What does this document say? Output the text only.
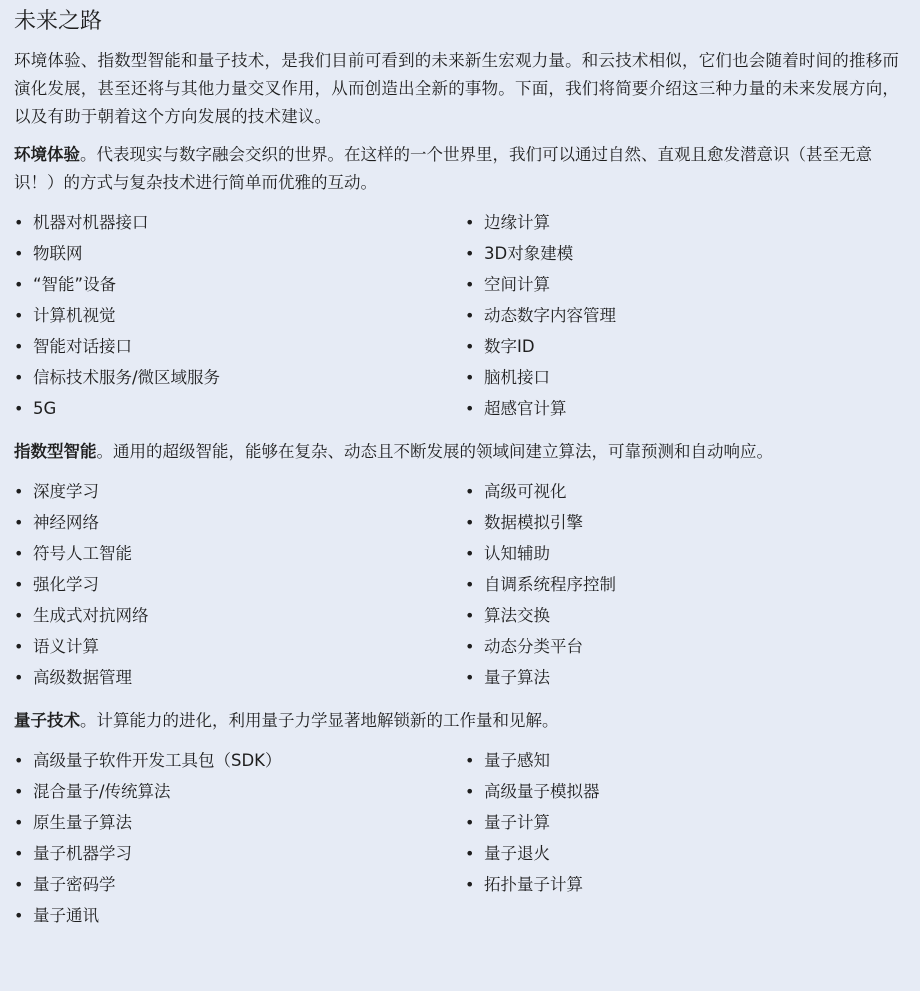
未来之路

环境体验、指数型智能和量子技术，是我们目前可看到的未来新生宏观力量。和云技术相似，它们也会随着时间的推移而演化发展，甚至还将与其他力量交叉作用，从而创造出全新的事物。下面，我们将简要介绍这三种力量的未来发展方向，以及有助于朝着这个方向发展的技术建议。

环境体验。代表现实与数字融会交织的世界。在这样的一个世界里，我们可以通过自然、直观且愈发潜意识（甚至无意识！）的方式与复杂技术进行简单而优雅的互动。

• 机器对机器接口
• 物联网
• “智能”设备
• 计算机视觉
• 智能对话接口
• 信标技术服务/微区域服务
• 5G
• 边缘计算
• 3D对象建模
• 空间计算
• 动态数字内容管理
• 数字ID
• 脑机接口
• 超感官计算

指数型智能。通用的超级智能，能够在复杂、动态且不断发展的领域间建立算法，可靠预测和自动响应。

• 深度学习
• 神经网络
• 符号人工智能
• 强化学习
• 生成式对抗网络
• 语义计算
• 高级数据管理
• 高级可视化
• 数据模拟引擎
• 认知辅助
• 自调系统程序控制
• 算法交换
• 动态分类平台
• 量子算法

量子技术。计算能力的进化，利用量子力学显著地解锁新的工作量和见解。

• 高级量子软件开发工具包（SDK）
• 混合量子/传统算法
• 原生量子算法
• 量子机器学习
• 量子密码学
• 量子通讯
• 量子感知
• 高级量子模拟器
• 量子计算
• 量子退火
• 拓扑量子计算
